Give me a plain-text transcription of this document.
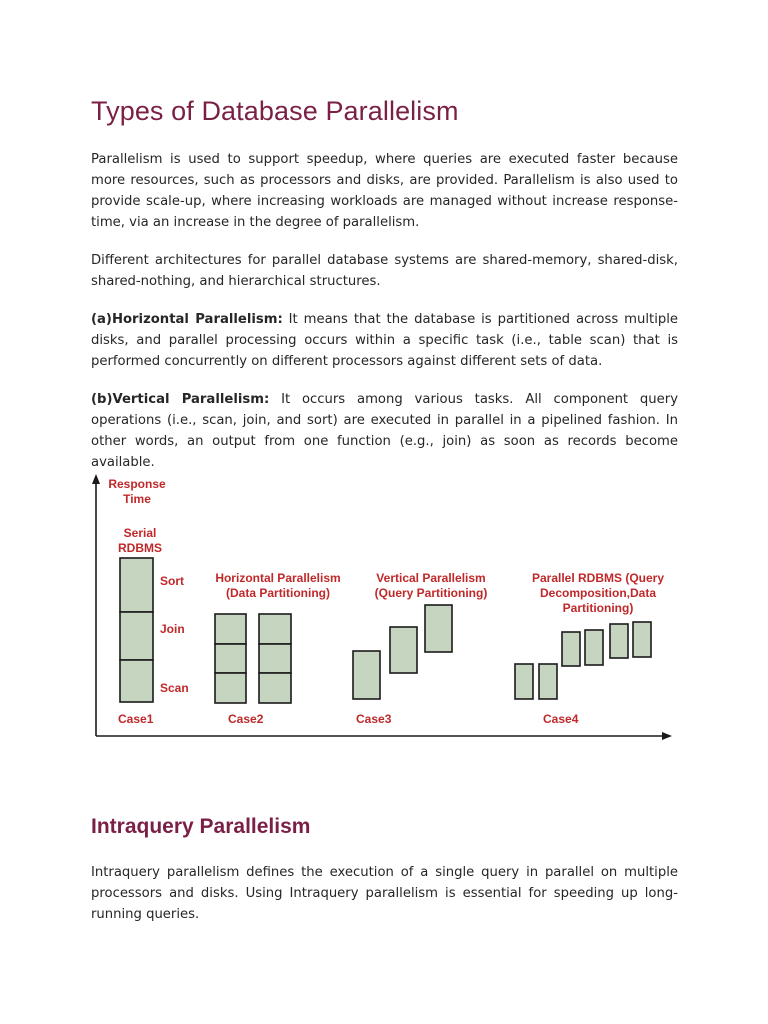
Types of Database Parallelism

Parallelism is used to support speedup, where queries are executed faster because more resources, such as processors and disks, are provided. Parallelism is also used to provide scale-up, where increasing workloads are managed without increase response-time, via an increase in the degree of parallelism.

Different architectures for parallel database systems are shared-memory, shared-disk, shared-nothing, and hierarchical structures.

(a)Horizontal Parallelism: It means that the database is partitioned across multiple disks, and parallel processing occurs within a specific task (i.e., table scan) that is performed concurrently on different processors against different sets of data.

(b)Vertical Parallelism: It occurs among various tasks. All component query operations (i.e., scan, join, and sort) are executed in parallel in a pipelined fashion. In other words, an output from one function (e.g., join) as soon as records become available.

Response
Time
Serial
RDBMS
Sort
Join
Scan
Horizontal Parallelism
(Data Partitioning)
Vertical Parallelism
(Query Partitioning)
Parallel RDBMS (Query
Decomposition,Data
Partitioning)
Case1	Case2	Case3	Case4
Intraquery Parallelism

Intraquery parallelism defines the execution of a single query in parallel on multiple processors and disks. Using Intraquery parallelism is essential for speeding up long-running queries.
